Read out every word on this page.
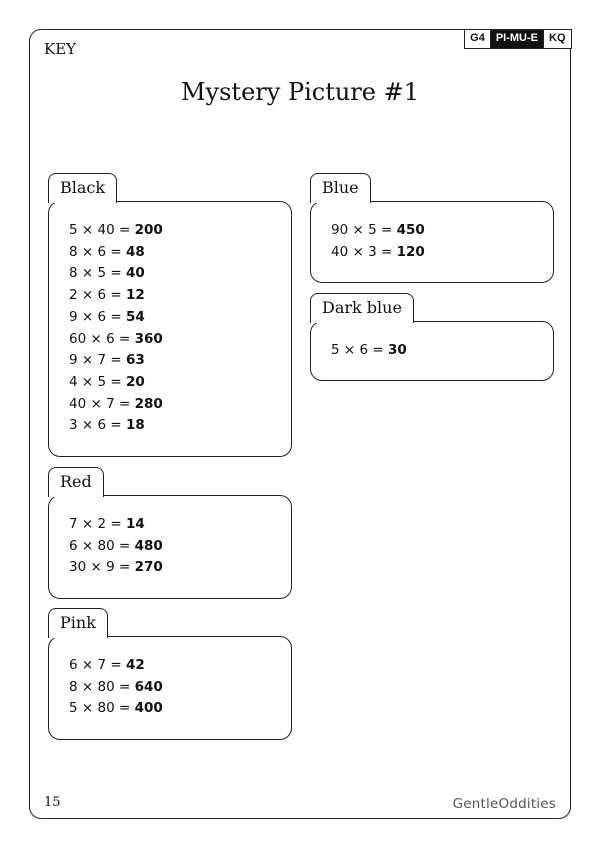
G4	PI-MU-E	KQ
KEY
Mystery Picture #1
Black
5 × 40 = 200
8 × 6 = 48
8 × 5 = 40
2 × 6 = 12
9 × 6 = 54
60 × 6 = 360
9 × 7 = 63
4 × 5 = 20
40 × 7 = 280
3 × 6 = 18
Red
7 × 2 = 14
6 × 80 = 480
30 × 9 = 270
Pink
6 × 7 = 42
8 × 80 = 640
5 × 80 = 400
Blue
90 × 5 = 450
40 × 3 = 120
Dark blue
5 × 6 = 30
15	GentleOddities
